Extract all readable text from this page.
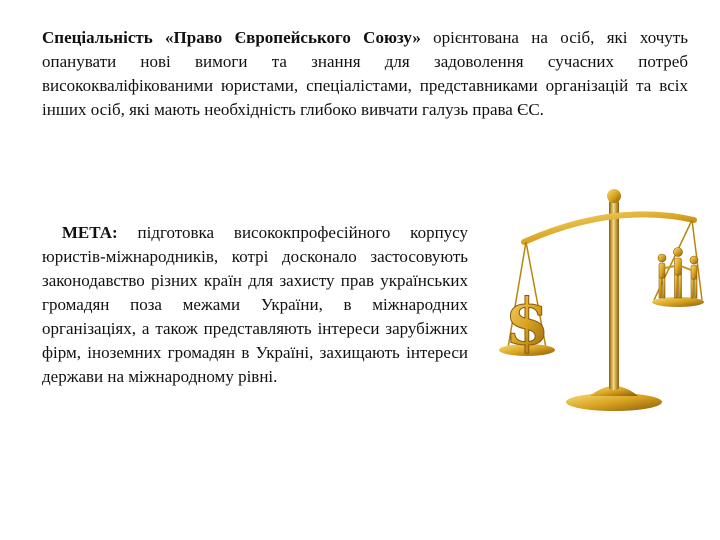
Спеціальність «Право Європейського Союзу» орієнтована на осіб, які хочуть опанувати нові вимоги та знання для задоволення сучасних потреб висококваліфікованими юристами, спеціалістами, представниками організацій та всіх інших осіб, які мають необхідність глибоко вивчати галузь права ЄС.

МЕТА: підготовка висококпрофесійного корпусу юристів-міжнародників, котрі досконало застосовують законодавство різних країн для захисту прав українських громадян поза межами України, в міжнародних організаціях, а також представляють інтереси зарубіжних фірм, іноземних громадян в Україні, захищають інтереси держави на міжнародному рівні.

$
